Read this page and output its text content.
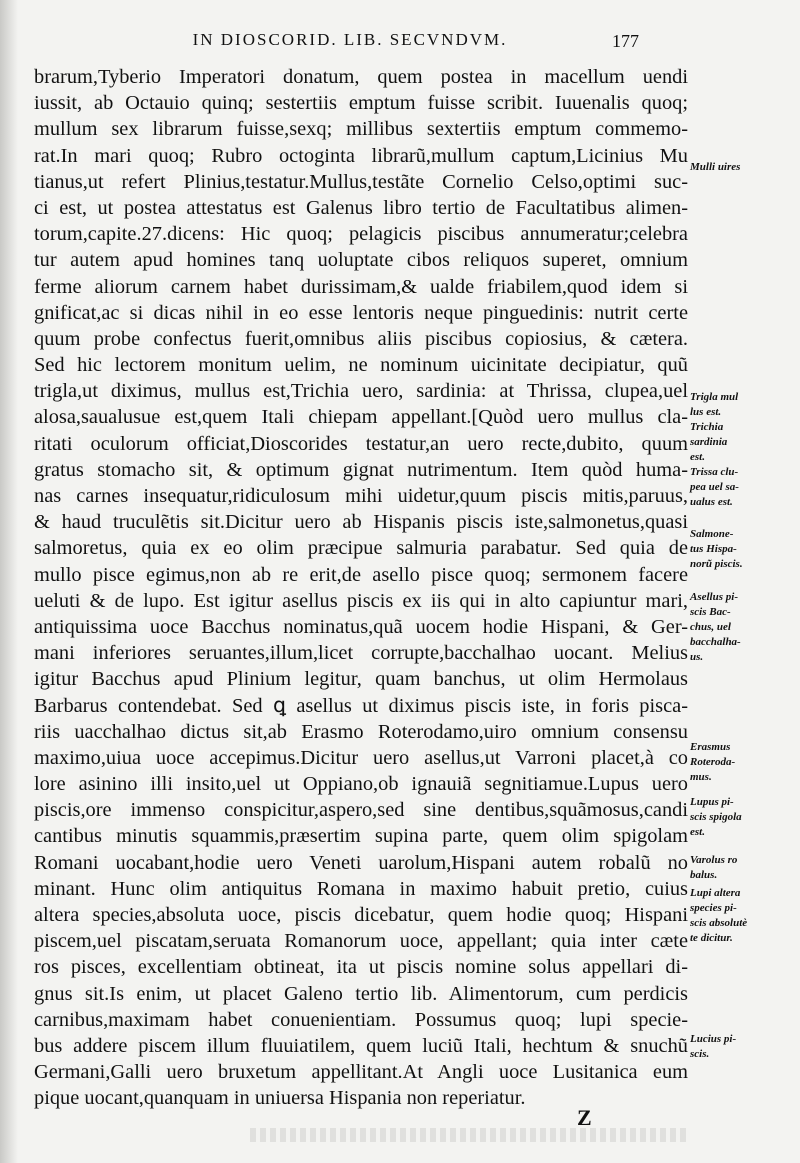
IN DIOSCORID. LIB. SECVNDVM.	177
brarum,Tyberio Imperatori donatum, quem postea in macellum uendi
iussit, ab Octauio quinq; sestertiis emptum fuisse scribit. Iuuenalis quoq;
mullum sex librarum fuisse,sexq; millibus sextertiis emptum commemo-
rat.In mari quoq; Rubro octoginta librarũ,mullum captum,Licinius Mu
tianus,ut refert Plinius,testatur.Mullus,testãte Cornelio Celso,optimi suc-
ci est, ut postea attestatus est Galenus libro tertio de Facultatibus alimen-
torum,capite.27.dicens: Hic quoq; pelagicis piscibus annumeratur;celebra
tur autem apud homines tanq uoluptate cibos reliquos superet, omnium
ferme aliorum carnem habet durissimam,& ualde friabilem,quod idem si
gnificat,ac si dicas nihil in eo esse lentoris neque pinguedinis: nutrit certe
quum probe confectus fuerit,omnibus aliis piscibus copiosius, & cætera.
Sed hic lectorem monitum uelim, ne nominum uicinitate decipiatur, quũ
trigla,ut diximus, mullus est,Trichia uero, sardinia: at Thrissa, clupea,uel
alosa,saualusue est,quem Itali chiepam appellant.[Quòd uero mullus cla-
ritati oculorum officiat,Dioscorides testatur,an uero recte,dubito, quum
gratus stomacho sit, & optimum gignat nutrimentum. Item quòd huma-
nas carnes insequatur,ridiculosum mihi uidetur,quum piscis mitis,paruus,
& haud truculẽtis sit.Dicitur uero ab Hispanis piscis iste,salmonetus,quasi
salmoretus, quia ex eo olim præcipue salmuria parabatur. Sed quia de
mullo pisce egimus,non ab re erit,de asello pisce quoq; sermonem facere
ueluti & de lupo. Est igitur asellus piscis ex iis qui in alto capiuntur mari,
antiquissima uoce Bacchus nominatus,quã uocem hodie Hispani, & Ger-
mani inferiores seruantes,illum,licet corrupte,bacchalhao uocant. Melius
igitur Bacchus apud Plinium legitur, quam banchus, ut olim Hermolaus
Barbarus contendebat. Sed ꝗ asellus ut diximus piscis iste, in foris pisca-
riis uacchalhao dictus sit,ab Erasmo Roterodamo,uiro omnium consensu
maximo,uiua uoce accepimus.Dicitur uero asellus,ut Varroni placet,à co
lore asinino illi insito,uel ut Oppiano,ob ignauiã segnitiamue.Lupus uero
piscis,ore immenso conspicitur,aspero,sed sine dentibus,squãmosus,candi
cantibus minutis squammis,præsertim supina parte, quem olim spigolam
Romani uocabant,hodie uero Veneti uarolum,Hispani autem robalũ no
minant. Hunc olim antiquitus Romana in maximo habuit pretio, cuius
altera species,absoluta uoce, piscis dicebatur, quem hodie quoq; Hispani
piscem,uel piscatam,seruata Romanorum uoce, appellant; quia inter cæte
ros pisces, excellentiam obtineat, ita ut piscis nomine solus appellari di-
gnus sit.Is enim, ut placet Galeno tertio lib. Alimentorum, cum perdicis
carnibus,maximam habet conuenientiam. Possumus quoq; lupi specie-
bus addere piscem illum fluuiatilem, quem luciũ Itali, hechtum & snuchũ
Germani,Galli uero bruxetum appellitant.At Angli uoce Lusitanica eum
pique uocant,quanquam in uniuersa Hispania non reperiatur.
Mulli uires
Trigla mul
lus est.
Trichia
sardinia
est.
Trissa clu-
pea uel sa-
ualus est.
Salmone-
tus Hispa-
norũ piscis.
Asellus pi-
scis Bac-
chus, uel
bacchalha-
us.
Erasmus
Roteroda-
mus.
Lupus pi-
scis spigola
est.
Varolus ro
balus.
Lupi altera
species pi-
scis absolutè
te dicitur.
Lucius pi-
scis.
Z
